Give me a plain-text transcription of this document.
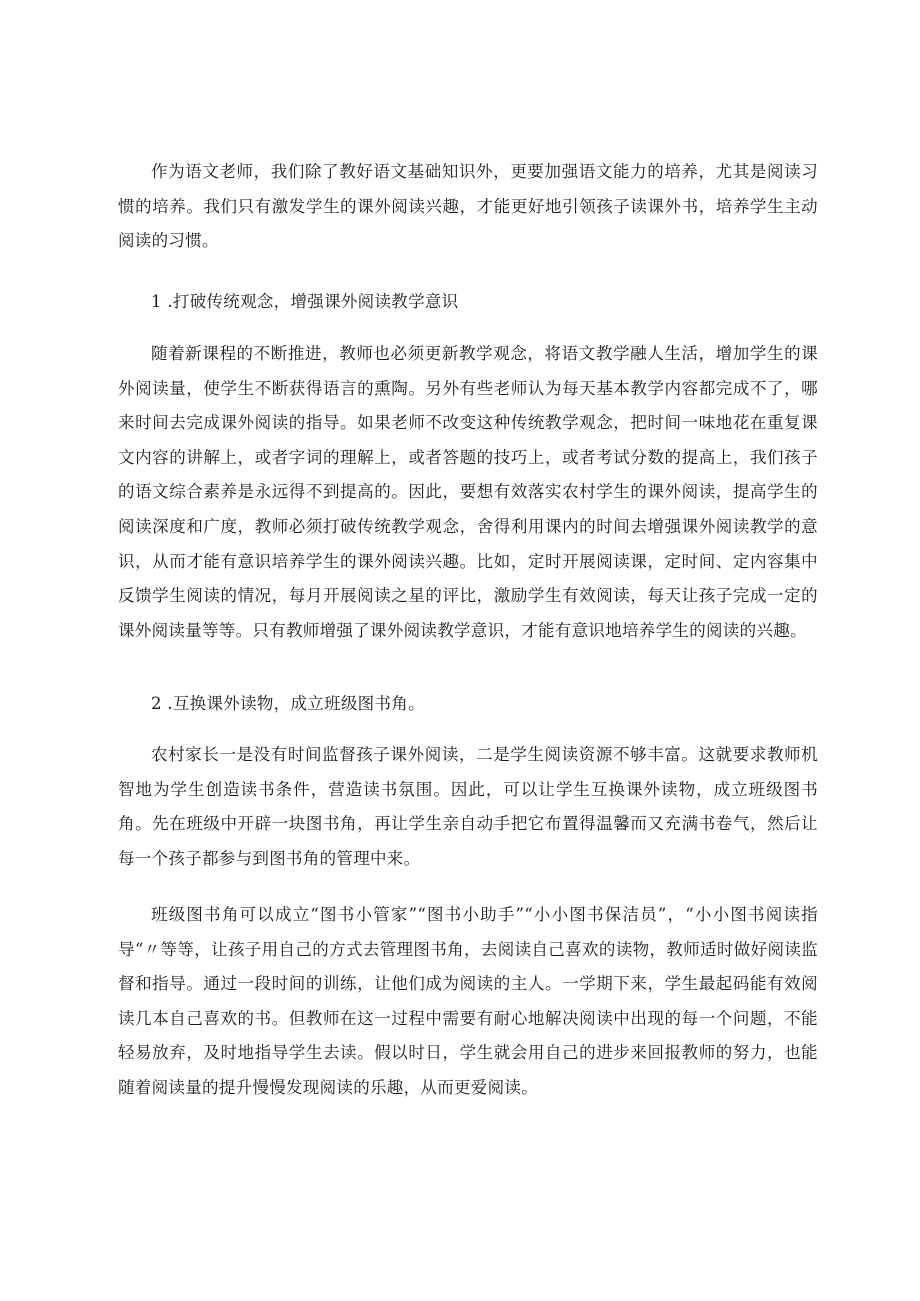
作为语文老师，我们除了教好语文基础知识外，更要加强语文能力的培养，尤其是阅读习惯的培养。我们只有激发学生的课外阅读兴趣，才能更好地引领孩子读课外书，培养学生主动阅读的习惯。

1 .打破传统观念，增强课外阅读教学意识

随着新课程的不断推进，教师也必须更新教学观念，将语文教学融人生活，增加学生的课外阅读量，使学生不断获得语言的熏陶。另外有些老师认为每天基本教学内容都完成不了，哪来时间去完成课外阅读的指导。如果老师不改变这种传统教学观念，把时间一味地花在重复课文内容的讲解上，或者字词的理解上，或者答题的技巧上，或者考试分数的提高上，我们孩子的语文综合素养是永远得不到提高的。因此，要想有效落实农村学生的课外阅读，提高学生的阅读深度和广度，教师必须打破传统教学观念，舍得利用课内的时间去增强课外阅读教学的意识，从而才能有意识培养学生的课外阅读兴趣。比如，定时开展阅读课，定时间、定内容集中反馈学生阅读的情况，每月开展阅读之星的评比，激励学生有效阅读，每天让孩子完成一定的课外阅读量等等。只有教师增强了课外阅读教学意识，才能有意识地培养学生的阅读的兴趣。

2 .互换课外读物，成立班级图书角。

农村家长一是没有时间监督孩子课外阅读，二是学生阅读资源不够丰富。这就要求教师机智地为学生创造读书条件，营造读书氛围。因此，可以让学生互换课外读物，成立班级图书角。先在班级中开辟一块图书角，再让学生亲自动手把它布置得温馨而又充满书卷气，然后让每一个孩子都参与到图书角的管理中来。

班级图书角可以成立“图书小管家”“图书小助手”“小小图书保洁员”，“小小图书阅读指导“〃等等，让孩子用自己的方式去管理图书角，去阅读自己喜欢的读物，教师适时做好阅读监督和指导。通过一段时间的训练，让他们成为阅读的主人。一学期下来，学生最起码能有效阅读几本自己喜欢的书。但教师在这一过程中需要有耐心地解决阅读中出现的每一个问题，不能轻易放弃，及时地指导学生去读。假以时日，学生就会用自己的进步来回报教师的努力，也能随着阅读量的提升慢慢发现阅读的乐趣，从而更爱阅读。
